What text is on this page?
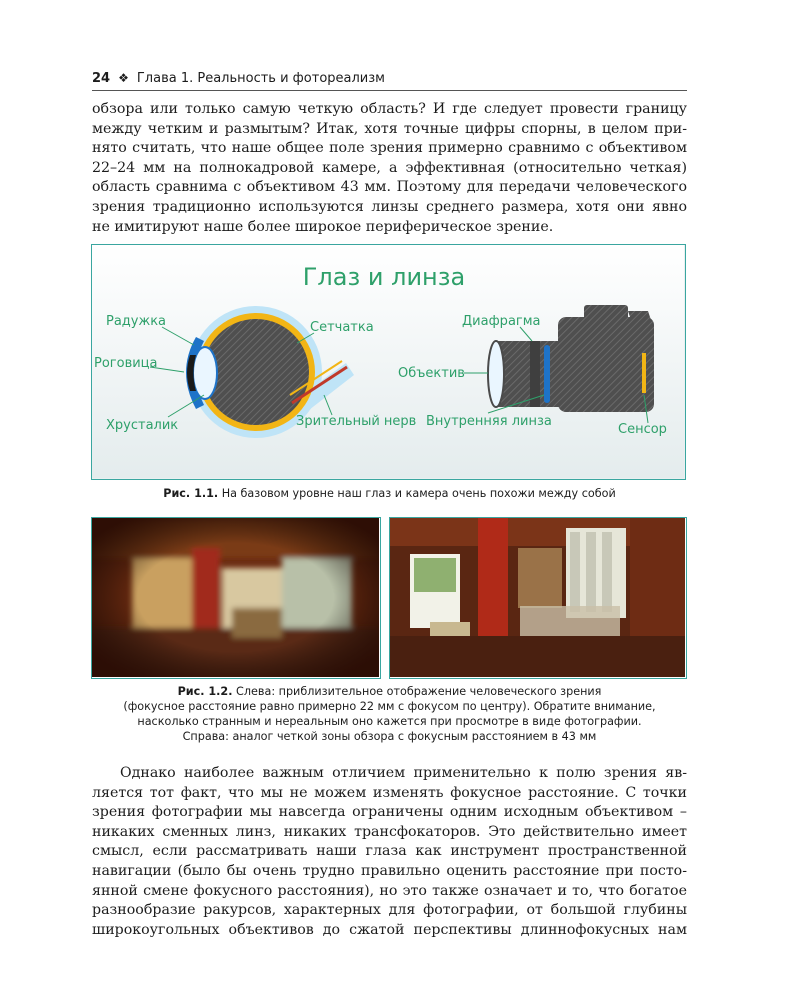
24 ❖ Глава 1. Реальность и фотореализм
обзора или только самую четкую область? И где следует провести границу
между четким и размытым? Итак, хотя точные цифры спорны, в целом при-
нято считать, что наше общее поле зрения примерно сравнимо с объективом
22–24 мм на полнокадровой камере, а эффективная (относительно четкая)
область сравнима с объективом 43 мм. Поэтому для передачи человеческого
зрения традиционно используются линзы среднего размера, хотя они явно
не имитируют наше более широкое периферическое зрение.
Глаз и линза
Радужка
Роговица
Хрусталик
Сетчатка
Зрительный нерв
Диафрагма
Объектив
Внутренняя линза
Сенсор
Рис. 1.1. На базовом уровне наш глаз и камера очень похожи между собой
Рис. 1.2. Слева: приблизительное отображение человеческого зрения
(фокусное расстояние равно примерно 22 мм с фокусом по центру). Обратите внимание,
насколько странным и нереальным оно кажется при просмотре в виде фотографии.
Справа: аналог четкой зоны обзора с фокусным расстоянием в 43 мм
Однако наиболее важным отличием применительно к полю зрения яв-
ляется тот факт, что мы не можем изменять фокусное расстояние. С точки
зрения фотографии мы навсегда ограничены одним исходным объективом –
никаких сменных линз, никаких трансфокаторов. Это действительно имеет
смысл, если рассматривать наши глаза как инструмент пространственной
навигации (было бы очень трудно правильно оценить расстояние при посто-
янной смене фокусного расстояния), но это также означает и то, что богатое
разнообразие ракурсов, характерных для фотографии, от большой глубины
широкоугольных объективов до сжатой перспективы длиннофокусных нам
